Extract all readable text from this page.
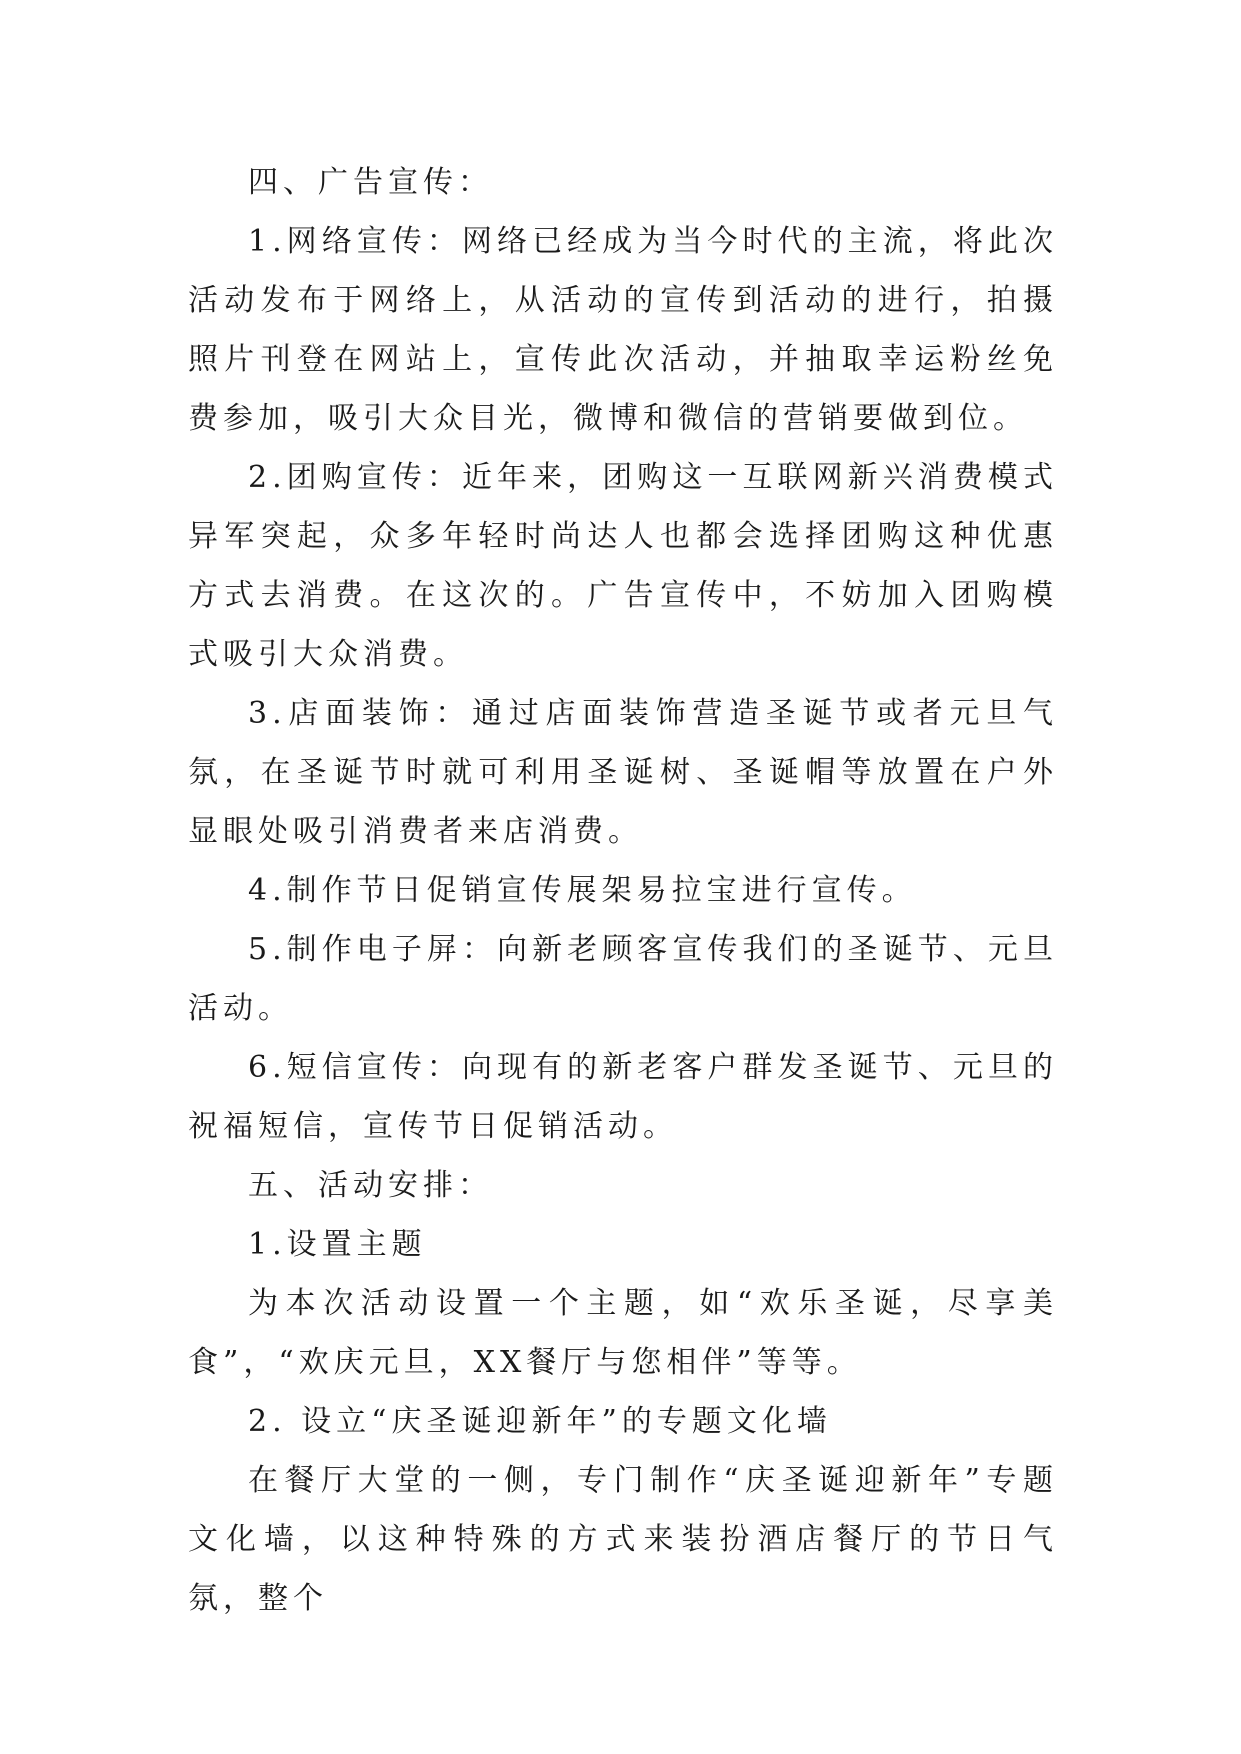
四、广告宣传：

1.网络宣传：网络已经成为当今时代的主流，将此次活动发布于网络上，从活动的宣传到活动的进行，拍摄照片刊登在网站上，宣传此次活动，并抽取幸运粉丝免费参加，吸引大众目光，微博和微信的营销要做到位。

2.团购宣传：近年来，团购这一互联网新兴消费模式异军突起，众多年轻时尚达人也都会选择团购这种优惠方式去消费。在这次的。广告宣传中，不妨加入团购模式吸引大众消费。

3.店面装饰：通过店面装饰营造圣诞节或者元旦气氛，在圣诞节时就可利用圣诞树、圣诞帽等放置在户外显眼处吸引消费者来店消费。

4.制作节日促销宣传展架易拉宝进行宣传。

5.制作电子屏：向新老顾客宣传我们的圣诞节、元旦活动。

6.短信宣传：向现有的新老客户群发圣诞节、元旦的祝福短信，宣传节日促销活动。

五、活动安排：

1.设置主题

为本次活动设置一个主题，如“欢乐圣诞，尽享美食”，“欢庆元旦，XX餐厅与您相伴”等等。

2. 设立“庆圣诞迎新年”的专题文化墙

在餐厅大堂的一侧，专门制作“庆圣诞迎新年”专题文化墙，以这种特殊的方式来装扮酒店餐厅的节日气氛，整个
